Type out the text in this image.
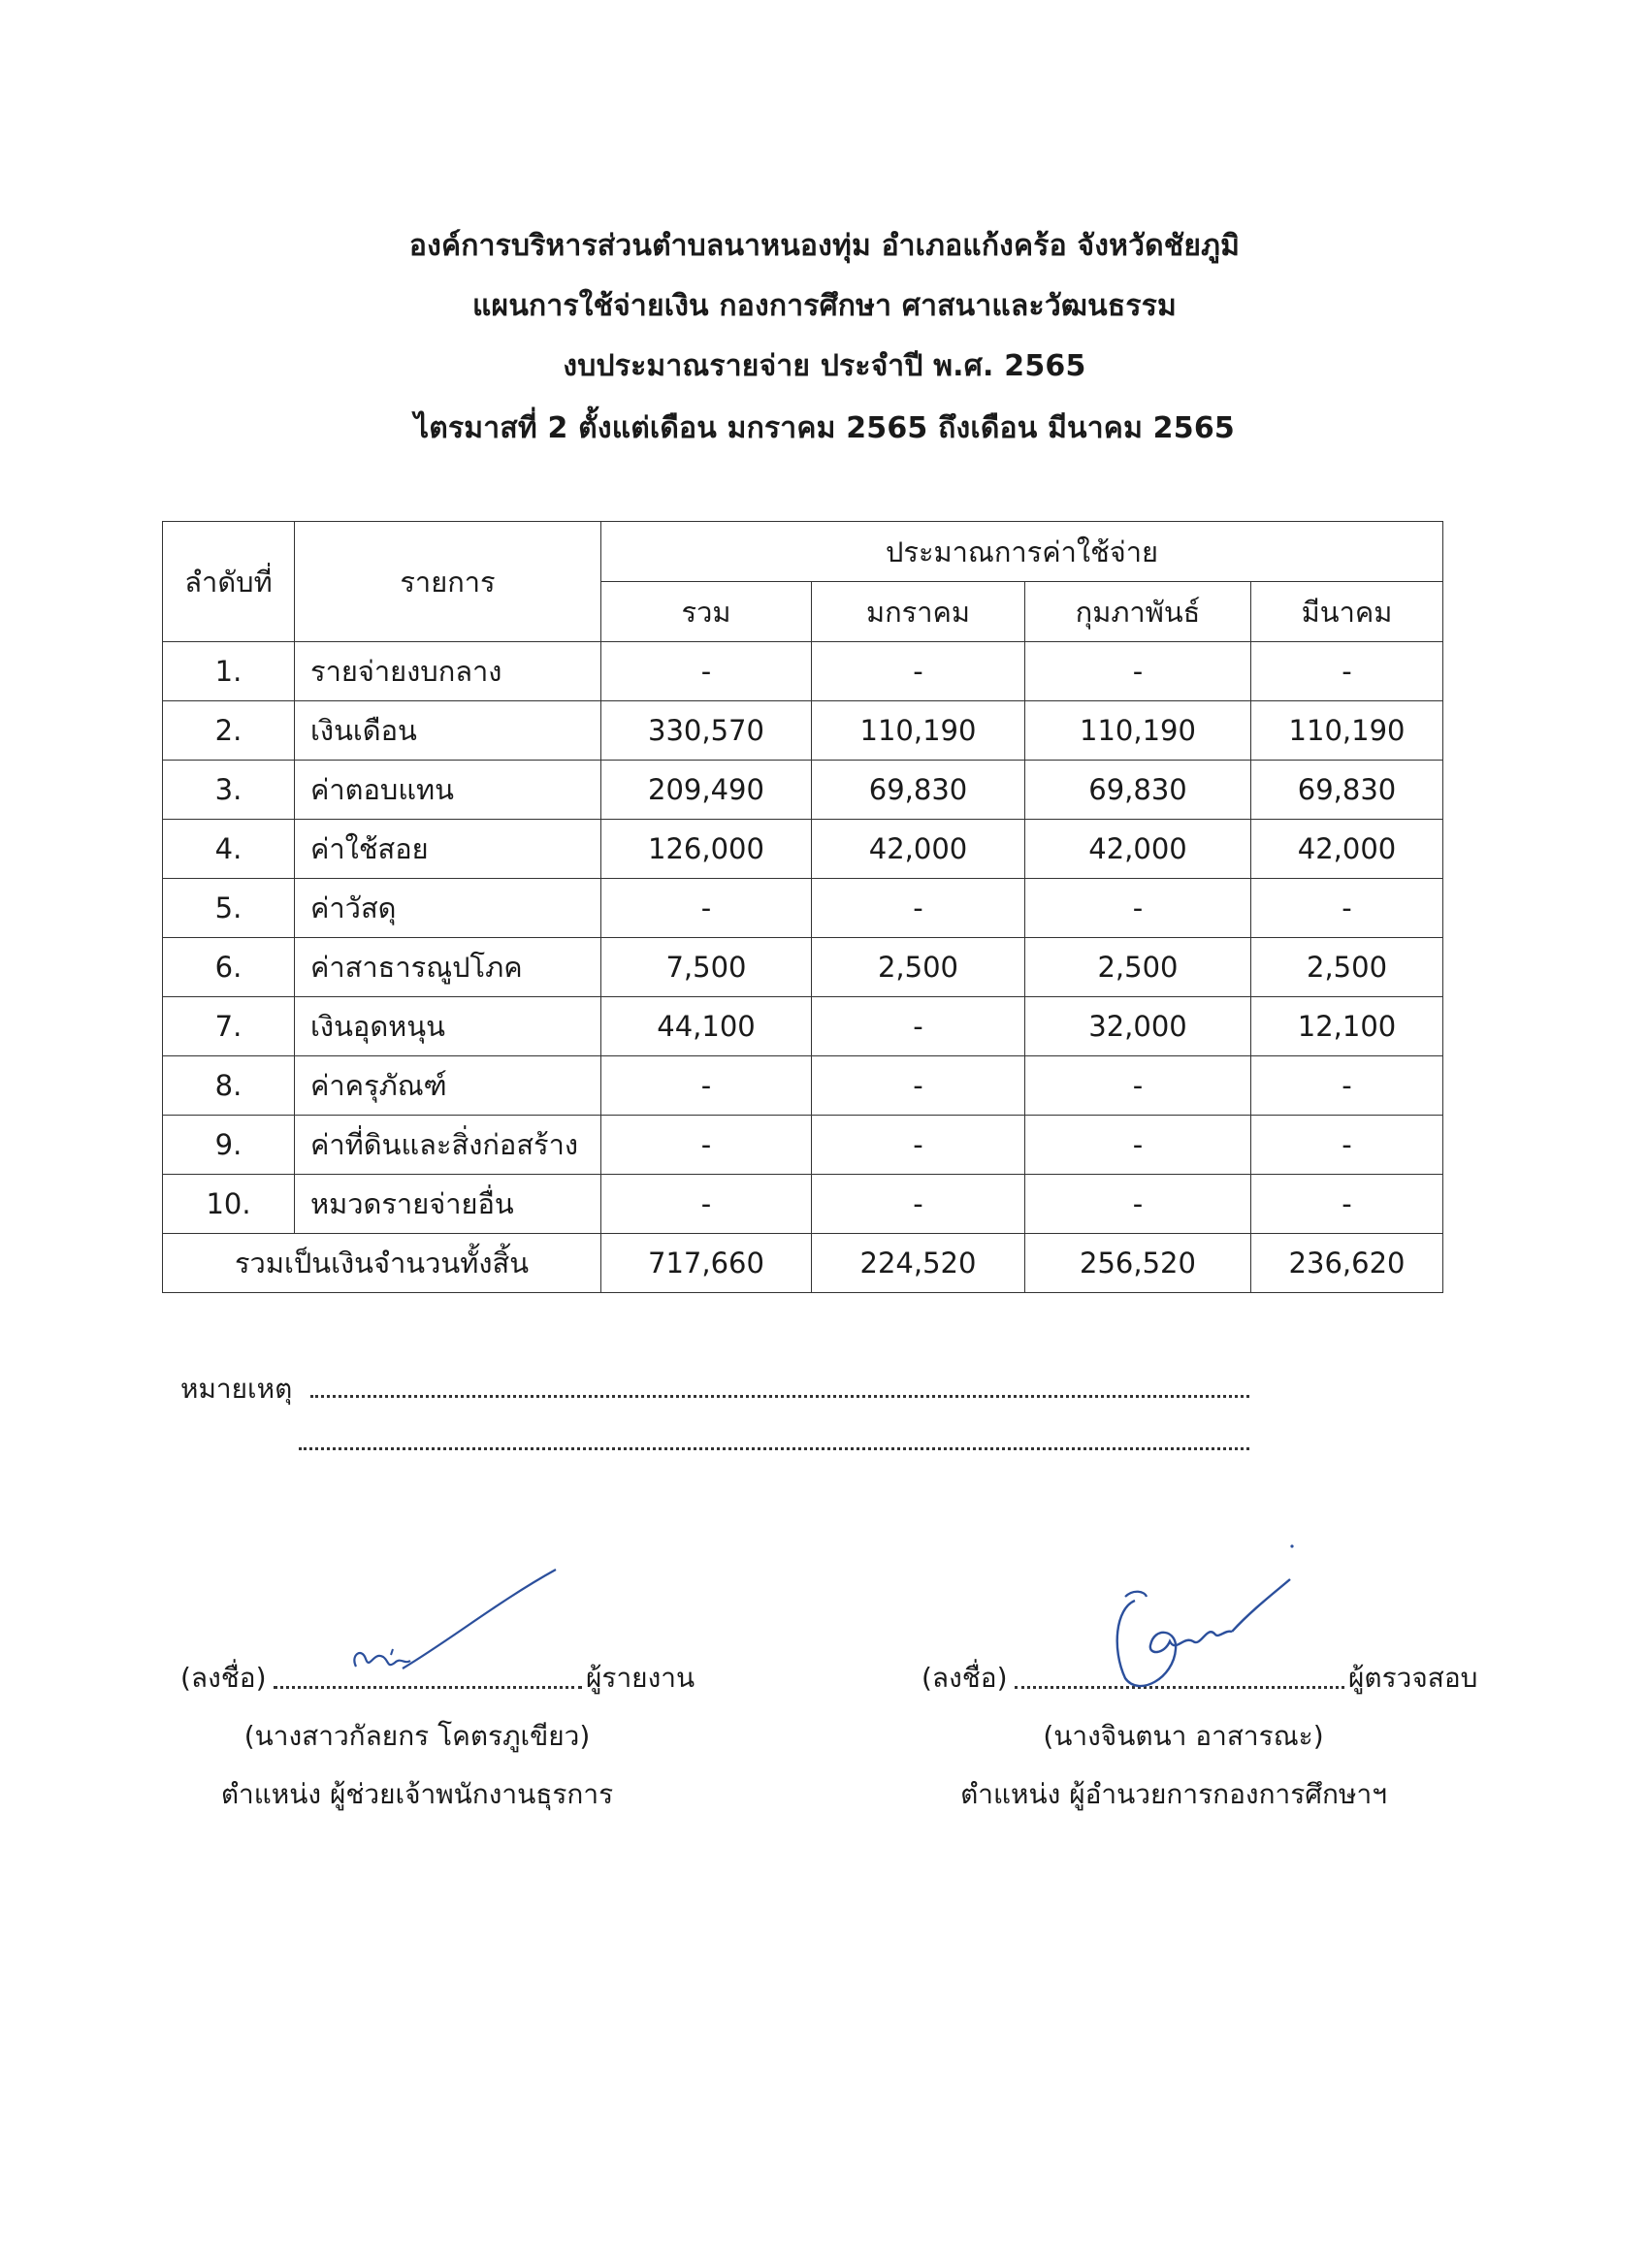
องค์การบริหารส่วนตำบลนาหนองทุ่ม อำเภอแก้งคร้อ จังหวัดชัยภูมิ
แผนการใช้จ่ายเงิน กองการศึกษา ศาสนาและวัฒนธรรม
งบประมาณรายจ่าย ประจำปี พ.ศ. 2565
ไตรมาสที่ 2 ตั้งแต่เดือน มกราคม 2565 ถึงเดือน มีนาคม 2565
ลำดับที่	รายการ	ประมาณการค่าใช้จ่าย			
		รวม	มกราคม	กุมภาพันธ์	มีนาคม
1.	รายจ่ายงบกลาง	-	-	-	-
2.	เงินเดือน	330,570	110,190	110,190	110,190
3.	ค่าตอบแทน	209,490	69,830	69,830	69,830
4.	ค่าใช้สอย	126,000	42,000	42,000	42,000
5.	ค่าวัสดุ	-	-	-	-
6.	ค่าสาธารณูปโภค	7,500	2,500	2,500	2,500
7.	เงินอุดหนุน	44,100	-	32,000	12,100
8.	ค่าครุภัณฑ์	-	-	-	-
9.	ค่าที่ดินและสิ่งก่อสร้าง	-	-	-	-
10.	หมวดรายจ่ายอื่น	-	-	-	-
รวมเป็นเงินจำนวนทั้งสิ้น		717,660	224,520	256,520	236,620
หมายเหตุ
(ลงชื่อ)	ผู้รายงาน
(นางสาวกัลยกร โคตรภูเขียว)
ตำแหน่ง ผู้ช่วยเจ้าพนักงานธุรการ
(ลงชื่อ)	ผู้ตรวจสอบ
(นางจินตนา อาสารณะ)
ตำแหน่ง ผู้อำนวยการกองการศึกษาฯ
